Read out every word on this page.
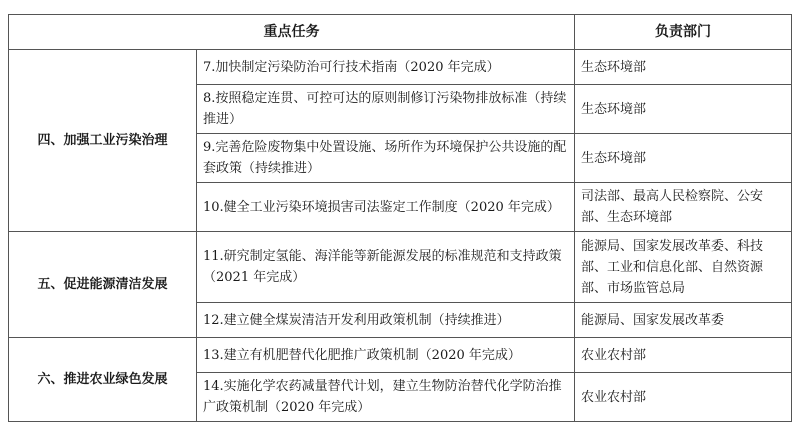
重点任务		负责部门
四、加强工业污染治理	7.加快制定污染防治可行技术指南（2020 年完成）	生态环境部
	8.按照稳定连贯、可控可达的原则制修订污染物排放标准（持续推进）	生态环境部
	9.完善危险废物集中处置设施、场所作为环境保护公共设施的配套政策（持续推进）	生态环境部
	10.健全工业污染环境损害司法鉴定工作制度（2020 年完成）	司法部、最高人民检察院、公安部、生态环境部
五、促进能源清洁发展	11.研究制定氢能、海洋能等新能源发展的标准规范和支持政策（2021 年完成）	能源局、国家发展改革委、科技部、工业和信息化部、自然资源部、市场监管总局
	12.建立健全煤炭清洁开发利用政策机制（持续推进）	能源局、国家发展改革委
六、推进农业绿色发展	13.建立有机肥替代化肥推广政策机制（2020 年完成）	农业农村部
	14.实施化学农药减量替代计划，建立生物防治替代化学防治推广政策机制（2020 年完成）	农业农村部
